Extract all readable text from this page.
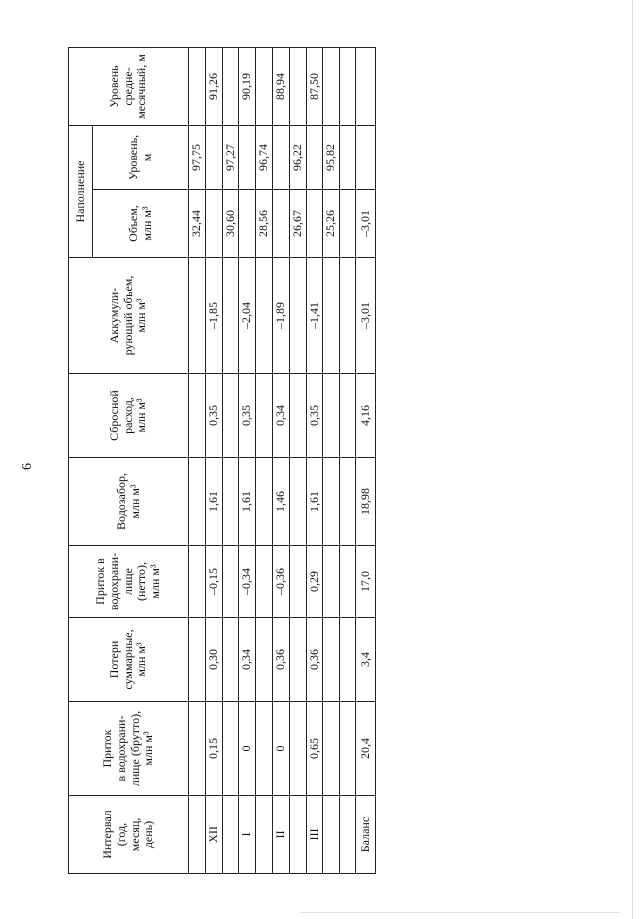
6
Интервал
(год,
месяц,
день)	Приток
в водохрани-
лище (брутто),
млн м³	Потери
суммарные,
млн м³	Приток в
водохрани-
лище
(нетто),
млн м³	Водозабор,
млн м³	Сбросной
расход,
млн м³	Аккумули-
рующий объем,
млн м³	Наполнение		Уровень
средне-
месячный, м
							Объем,
млн м³	Уровень,
м	
							32,44	97,75	
XII	0,15	0,30	–0,15	1,61	0,35	–1,85			91,26
							30,60	97,27	
I	0	0,34	–0,34	1,61	0,35	–2,04			90,19
							28,56	96,74	
II	0	0,36	–0,36	1,46	0,34	–1,89			88,94
							26,67	96,22	
III	0,65	0,36	0,29	1,61	0,35	–1,41			87,50
							25,26	95,82	

Баланс	20,4	3,4	17,0	18,98	4,16	–3,01	–3,01		
